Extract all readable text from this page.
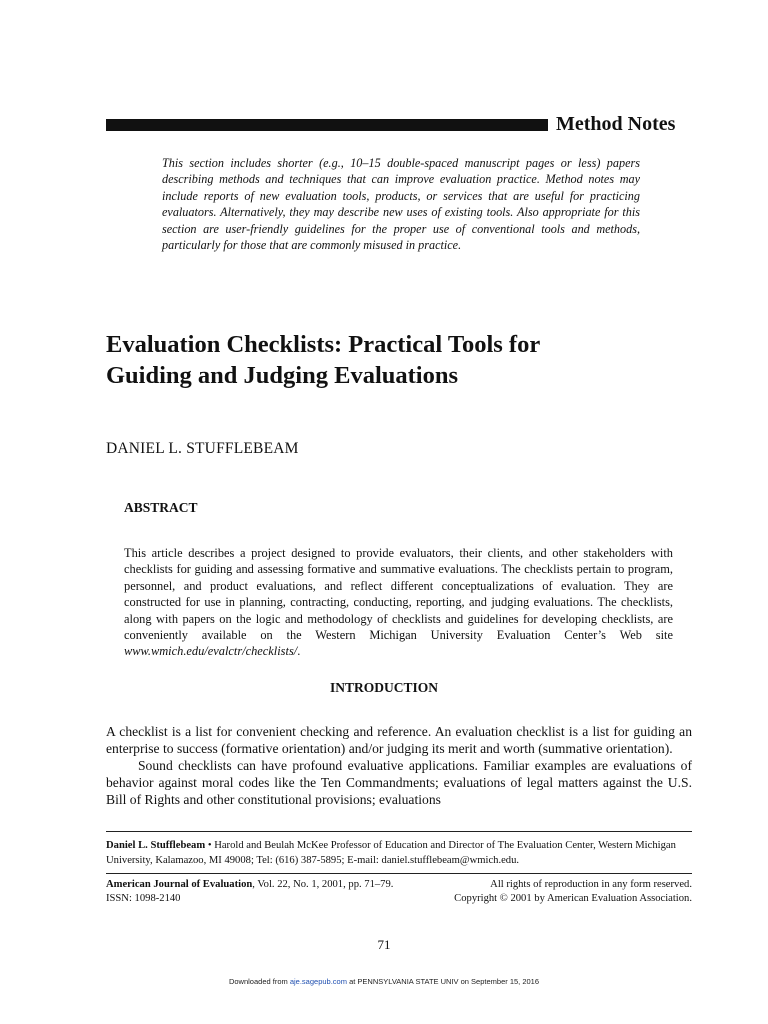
Method Notes
This section includes shorter (e.g., 10–15 double-spaced manuscript pages or less) papers describing methods and techniques that can improve evaluation practice. Method notes may include reports of new evaluation tools, products, or services that are useful for practicing evaluators. Alternatively, they may describe new uses of existing tools. Also appropriate for this section are user-friendly guidelines for the proper use of conventional tools and methods, particularly for those that are commonly misused in practice.
Evaluation Checklists: Practical Tools for
Guiding and Judging Evaluations
DANIEL L. STUFFLEBEAM
ABSTRACT
This article describes a project designed to provide evaluators, their clients, and other stakeholders with checklists for guiding and assessing formative and summative evaluations. The checklists pertain to program, personnel, and product evaluations, and reflect different conceptualizations of evaluation. They are constructed for use in planning, contracting, conducting, reporting, and judging evaluations. The checklists, along with papers on the logic and methodology of checklists and guidelines for developing checklists, are conveniently available on the Western Michigan University Evaluation Center’s Web site www.wmich.edu/evalctr/checklists/.
INTRODUCTION

A checklist is a list for convenient checking and reference. An evaluation checklist is a list for guiding an enterprise to success (formative orientation) and/or judging its merit and worth (summative orientation).

Sound checklists can have profound evaluative applications. Familiar examples are evaluations of behavior against moral codes like the Ten Commandments; evaluations of legal matters against the U.S. Bill of Rights and other constitutional provisions; evaluations

Daniel L. Stufflebeam • Harold and Beulah McKee Professor of Education and Director of The Evaluation Center, Western Michigan University, Kalamazoo, MI 49008; Tel: (616) 387-5895; E-mail: daniel.stufflebeam@wmich.edu.
American Journal of Evaluation, Vol. 22, No. 1, 2001, pp. 71–79.	All rights of reproduction in any form reserved.
ISSN: 1098-2140	Copyright © 2001 by American Evaluation Association.
71
Downloaded from aje.sagepub.com at PENNSYLVANIA STATE UNIV on September 15, 2016
